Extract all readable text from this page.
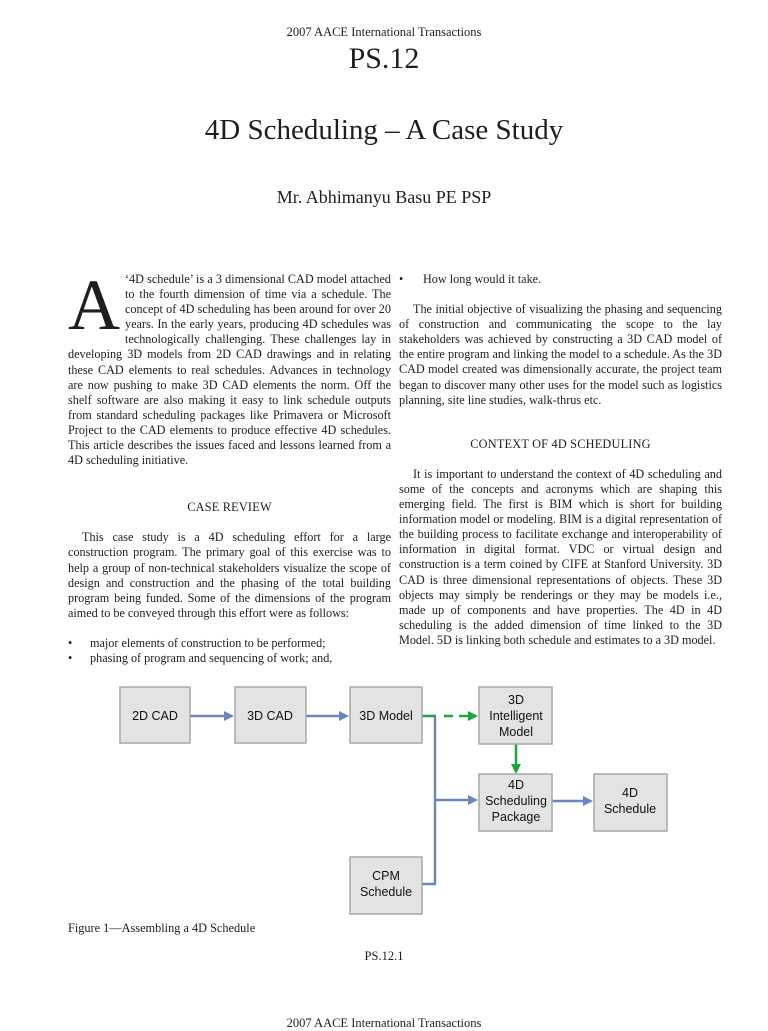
2007 AACE International Transactions
PS.12
4D Scheduling – A Case Study
Mr. Abhimanyu Basu PE PSP

A ‘4D schedule’ is a 3 dimensional CAD model attached to the fourth dimension of time via a schedule. The concept of 4D scheduling has been around for over 20 years. In the early years, producing 4D schedules was technologically challenging. These challenges lay in developing 3D models from 2D CAD drawings and in relating these CAD elements to real schedules. Advances in technology are now pushing to make 3D CAD elements the norm. Off the shelf software are also making it easy to link schedule outputs from standard scheduling packages like Primavera or Microsoft Project to the CAD elements to produce effective 4D schedules. This article describes the issues faced and lessons learned from a 4D scheduling initiative.

CASE REVIEW

This case study is a 4D scheduling effort for a large construction program. The primary goal of this exercise was to help a group of non-technical stakeholders visualize the scope of design and construction and the phasing of the total building program being funded. Some of the dimensions of the program aimed to be conveyed through this effort were as follows:

• major elements of construction to be performed;
• phasing of program and sequencing of work; and,
• How long would it take.

The initial objective of visualizing the phasing and sequencing of construction and communicating the scope to the lay stakeholders was achieved by constructing a 3D CAD model of the entire program and linking the model to a schedule. As the 3D CAD model created was dimensionally accurate, the project team began to discover many other uses for the model such as logistics planning, site line studies, walk-thrus etc.

CONTEXT OF 4D SCHEDULING

It is important to understand the context of 4D scheduling and some of the concepts and acronyms which are shaping this emerging field. The first is BIM which is short for building information model or modeling. BIM is a digital representation of the building process to facilitate exchange and interoperability of information in digital format. VDC or virtual design and construction is a term coined by CIFE at Stanford University. 3D CAD is three dimensional representations of objects. These 3D objects may simply be renderings or they may be models i.e., made up of components and have properties. The 4D in 4D scheduling is the added dimension of time linked to the 3D Model. 5D is linking both schedule and estimates to a 3D model.

2D CAD	3D CAD	3D Model
3D
Intelligent
Model
4D
Scheduling
Package
4D
Schedule
CPM
Schedule
Figure 1—Assembling a 4D Schedule
PS.12.1
2007 AACE International Transactions
